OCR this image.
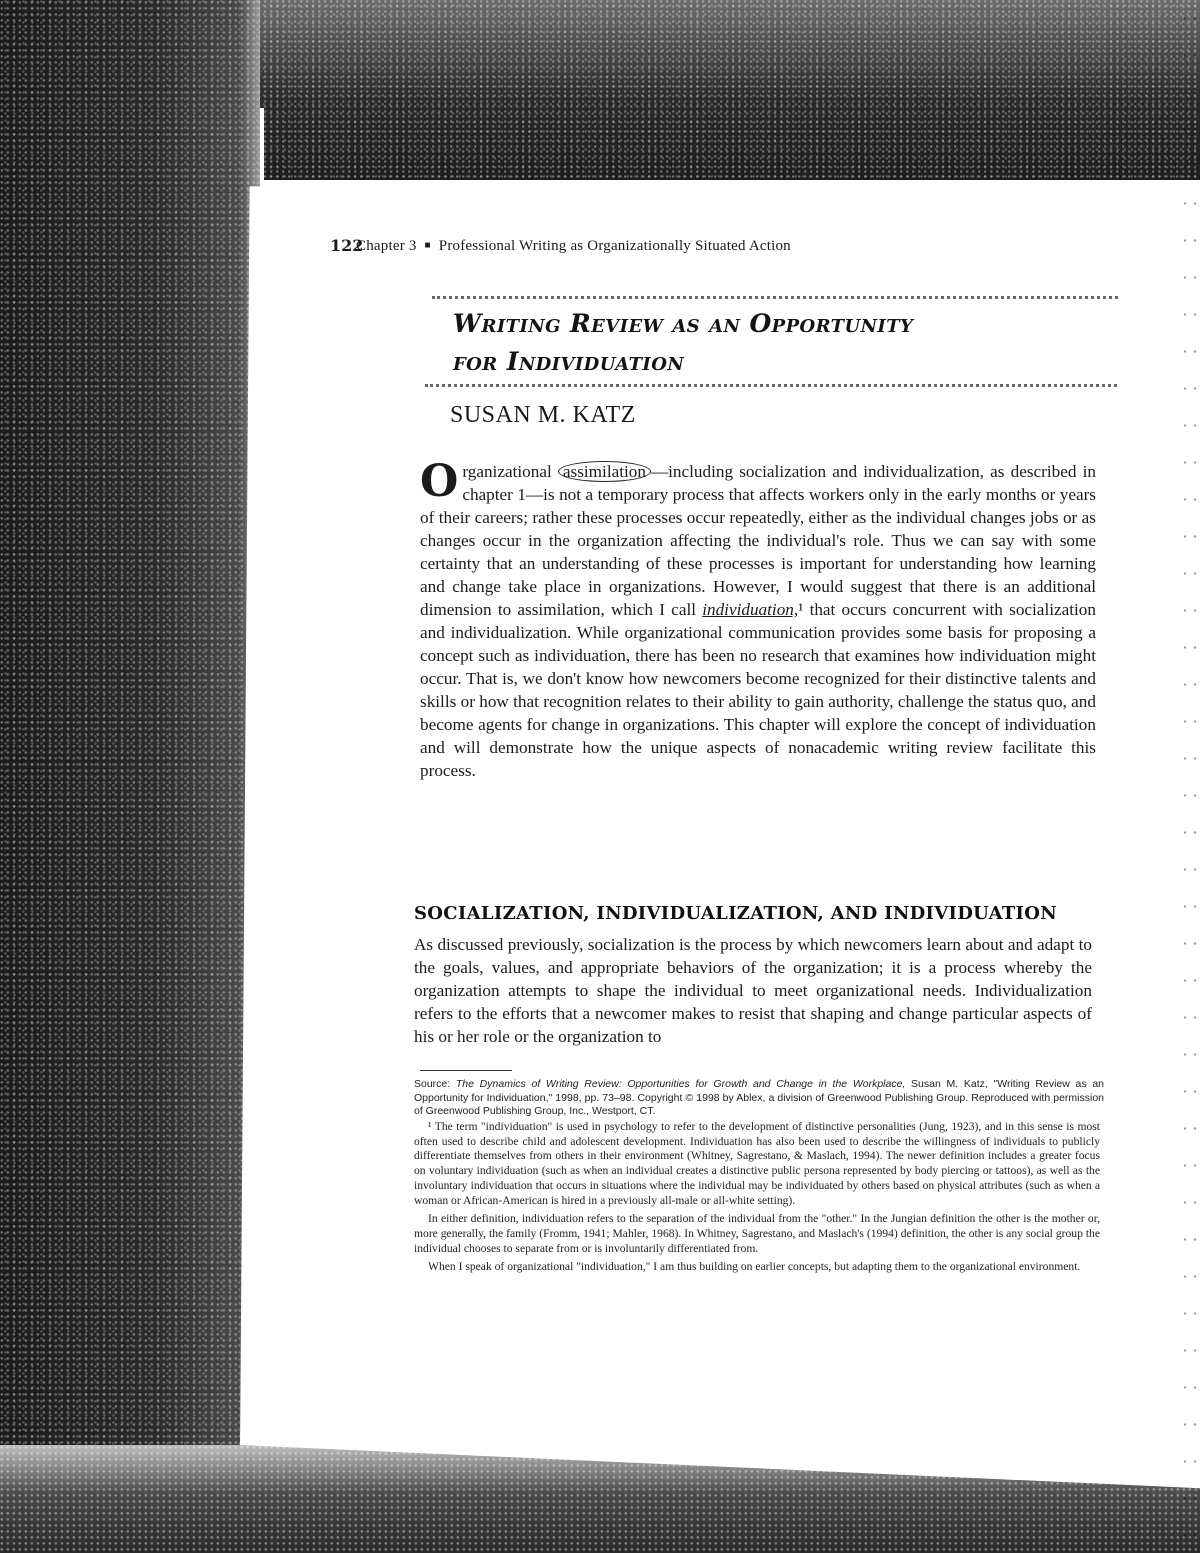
122
Chapter 3 ■ Professional Writing as Organizationally Situated Action
Writing Review as an Opportunity
for Individuation
SUSAN M. KATZ
Organizational assimilation —including socialization and individualization, as described in chapter 1—is not a temporary process that affects workers only in the early months or years of their careers; rather these processes occur repeatedly, either as the individual changes jobs or as changes occur in the organization affecting the individual's role. Thus we can say with some certainty that an understanding of these processes is important for understanding how learning and change take place in organizations. However, I would suggest that there is an additional dimension to assimilation, which I call individuation,¹ that occurs concurrent with socialization and individualization. While organizational communication provides some basis for proposing a concept such as individuation, there has been no research that examines how individuation might occur. That is, we don't know how newcomers become recognized for their distinctive talents and skills or how that recognition relates to their ability to gain authority, challenge the status quo, and become agents for change in organizations. This chapter will explore the concept of individuation and will demonstrate how the unique aspects of nonacademic writing review facilitate this process.
SOCIALIZATION, INDIVIDUALIZATION, AND INDIVIDUATION
As discussed previously, socialization is the process by which newcomers learn about and adapt to the goals, values, and appropriate behaviors of the organization; it is a process whereby the organization attempts to shape the individual to meet organizational needs. Individualization refers to the efforts that a newcomer makes to resist that shaping and change particular aspects of his or her role or the organization to
Source: The Dynamics of Writing Review: Opportunities for Growth and Change in the Workplace, Susan M. Katz, "Writing Review as an Opportunity for Individuation," 1998, pp. 73–98. Copyright © 1998 by Ablex, a division of Greenwood Publishing Group. Reproduced with permission of Greenwood Publishing Group, Inc., Westport, CT.

¹ The term "individuation" is used in psychology to refer to the development of distinctive personalities (Jung, 1923), and in this sense is most often used to describe child and adolescent development. Individuation has also been used to describe the willingness of individuals to publicly differentiate themselves from others in their environment (Whitney, Sagrestano, & Maslach, 1994). The newer definition includes a greater focus on voluntary individuation (such as when an individual creates a distinctive public persona represented by body piercing or tattoos), as well as the involuntary individuation that occurs in situations where the individual may be individuated by others based on physical attributes (such as when a woman or African-American is hired in a previously all-male or all-white setting).

In either definition, individuation refers to the separation of the individual from the "other." In the Jungian definition the other is the mother or, more generally, the family (Fromm, 1941; Mahler, 1968). In Whitney, Sagrestano, and Maslach's (1994) definition, the other is any social group the individual chooses to separate from or is involuntarily differentiated from.

When I speak of organizational "individuation," I am thus building on earlier concepts, but adapting them to the organizational environment.
